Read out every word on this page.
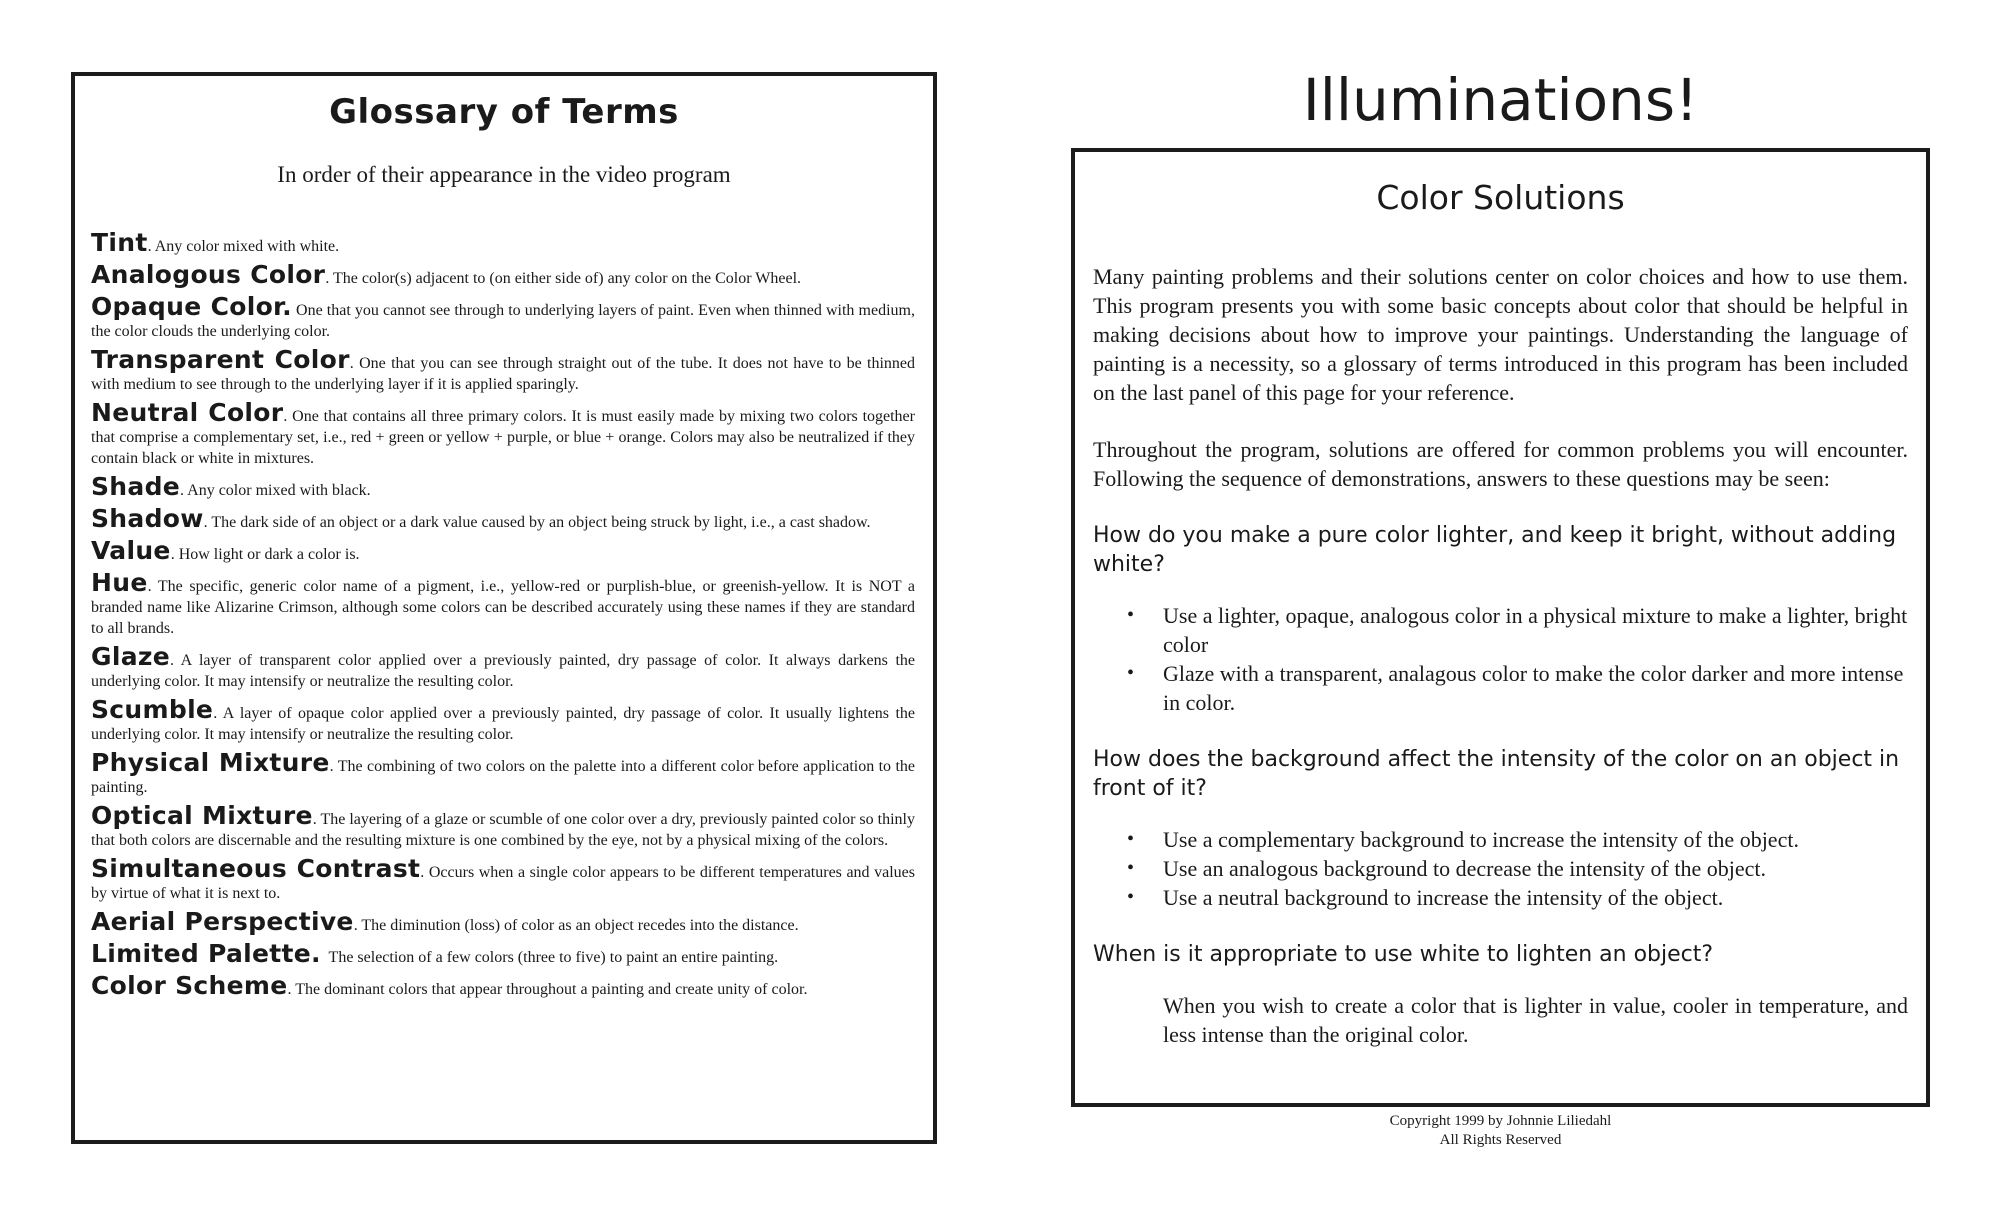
Glossary of Terms
In order of their appearance in the video program

Tint. Any color mixed with white.

Analogous Color. The color(s) adjacent to (on either side of) any color on the Color Wheel.

Opaque Color. One that you cannot see through to underlying layers of paint. Even when thinned with medium, the color clouds the underlying color.

Transparent Color. One that you can see through straight out of the tube. It does not have to be thinned with medium to see through to the underlying layer if it is applied sparingly.

Neutral Color. One that contains all three primary colors. It is must easily made by mixing two colors together that comprise a complementary set, i.e., red + green or yellow + purple, or blue + orange. Colors may also be neutralized if they contain black or white in mixtures.

Shade. Any color mixed with black.

Shadow. The dark side of an object or a dark value caused by an object being struck by light, i.e., a cast shadow.

Value. How light or dark a color is.

Hue. The specific, generic color name of a pigment, i.e., yellow-red or purplish-blue, or greenish-yellow. It is NOT a branded name like Alizarine Crimson, although some colors can be described accurately using these names if they are standard to all brands.

Glaze. A layer of transparent color applied over a previously painted, dry passage of color. It always darkens the underlying color. It may intensify or neutralize the resulting color.

Scumble. A layer of opaque color applied over a previously painted, dry passage of color. It usually lightens the underlying color. It may intensify or neutralize the resulting color.

Physical Mixture. The combining of two colors on the palette into a different color before application to the painting.

Optical Mixture. The layering of a glaze or scumble of one color over a dry, previously painted color so thinly that both colors are discernable and the resulting mixture is one combined by the eye, not by a physical mixing of the colors.

Simultaneous Contrast. Occurs when a single color appears to be different temperatures and values by virtue of what it is next to.

Aerial Perspective. The diminution (loss) of color as an object recedes into the distance.

Limited Palette.  The selection of a few colors (three to five) to paint an entire painting.

Color Scheme. The dominant colors that appear throughout a painting and create unity of color.

Illuminations!
Color Solutions

Many painting problems and their solutions center on color choices and how to use them. This program presents you with some basic concepts about color that should be helpful in making decisions about how to improve your paintings. Understanding the language of painting is a necessity, so a glossary of terms introduced in this program has been included on the last panel of this page for your reference.

Throughout the program, solutions are offered for common problems you will encounter. Following the sequence of demonstrations, answers to these questions may be seen:

How do you make a pure color lighter, and keep it bright, without adding white?

• Use a lighter, opaque, analogous color in a physical mixture to make a lighter, bright color
• Glaze with a transparent, analagous color to make the color darker and more intense in color.

How does the background affect the intensity of the color on an object in front of it?

• Use a complementary background to increase the intensity of the object.
• Use an analogous background to decrease the intensity of the object.
• Use a neutral background to increase the intensity of the object.

When is it appropriate to use white to lighten an object?

When you wish to create a color that is lighter in value, cooler in temperature, and less intense than the original color.

Copyright 1999 by Johnnie Liliedahl
All Rights Reserved
